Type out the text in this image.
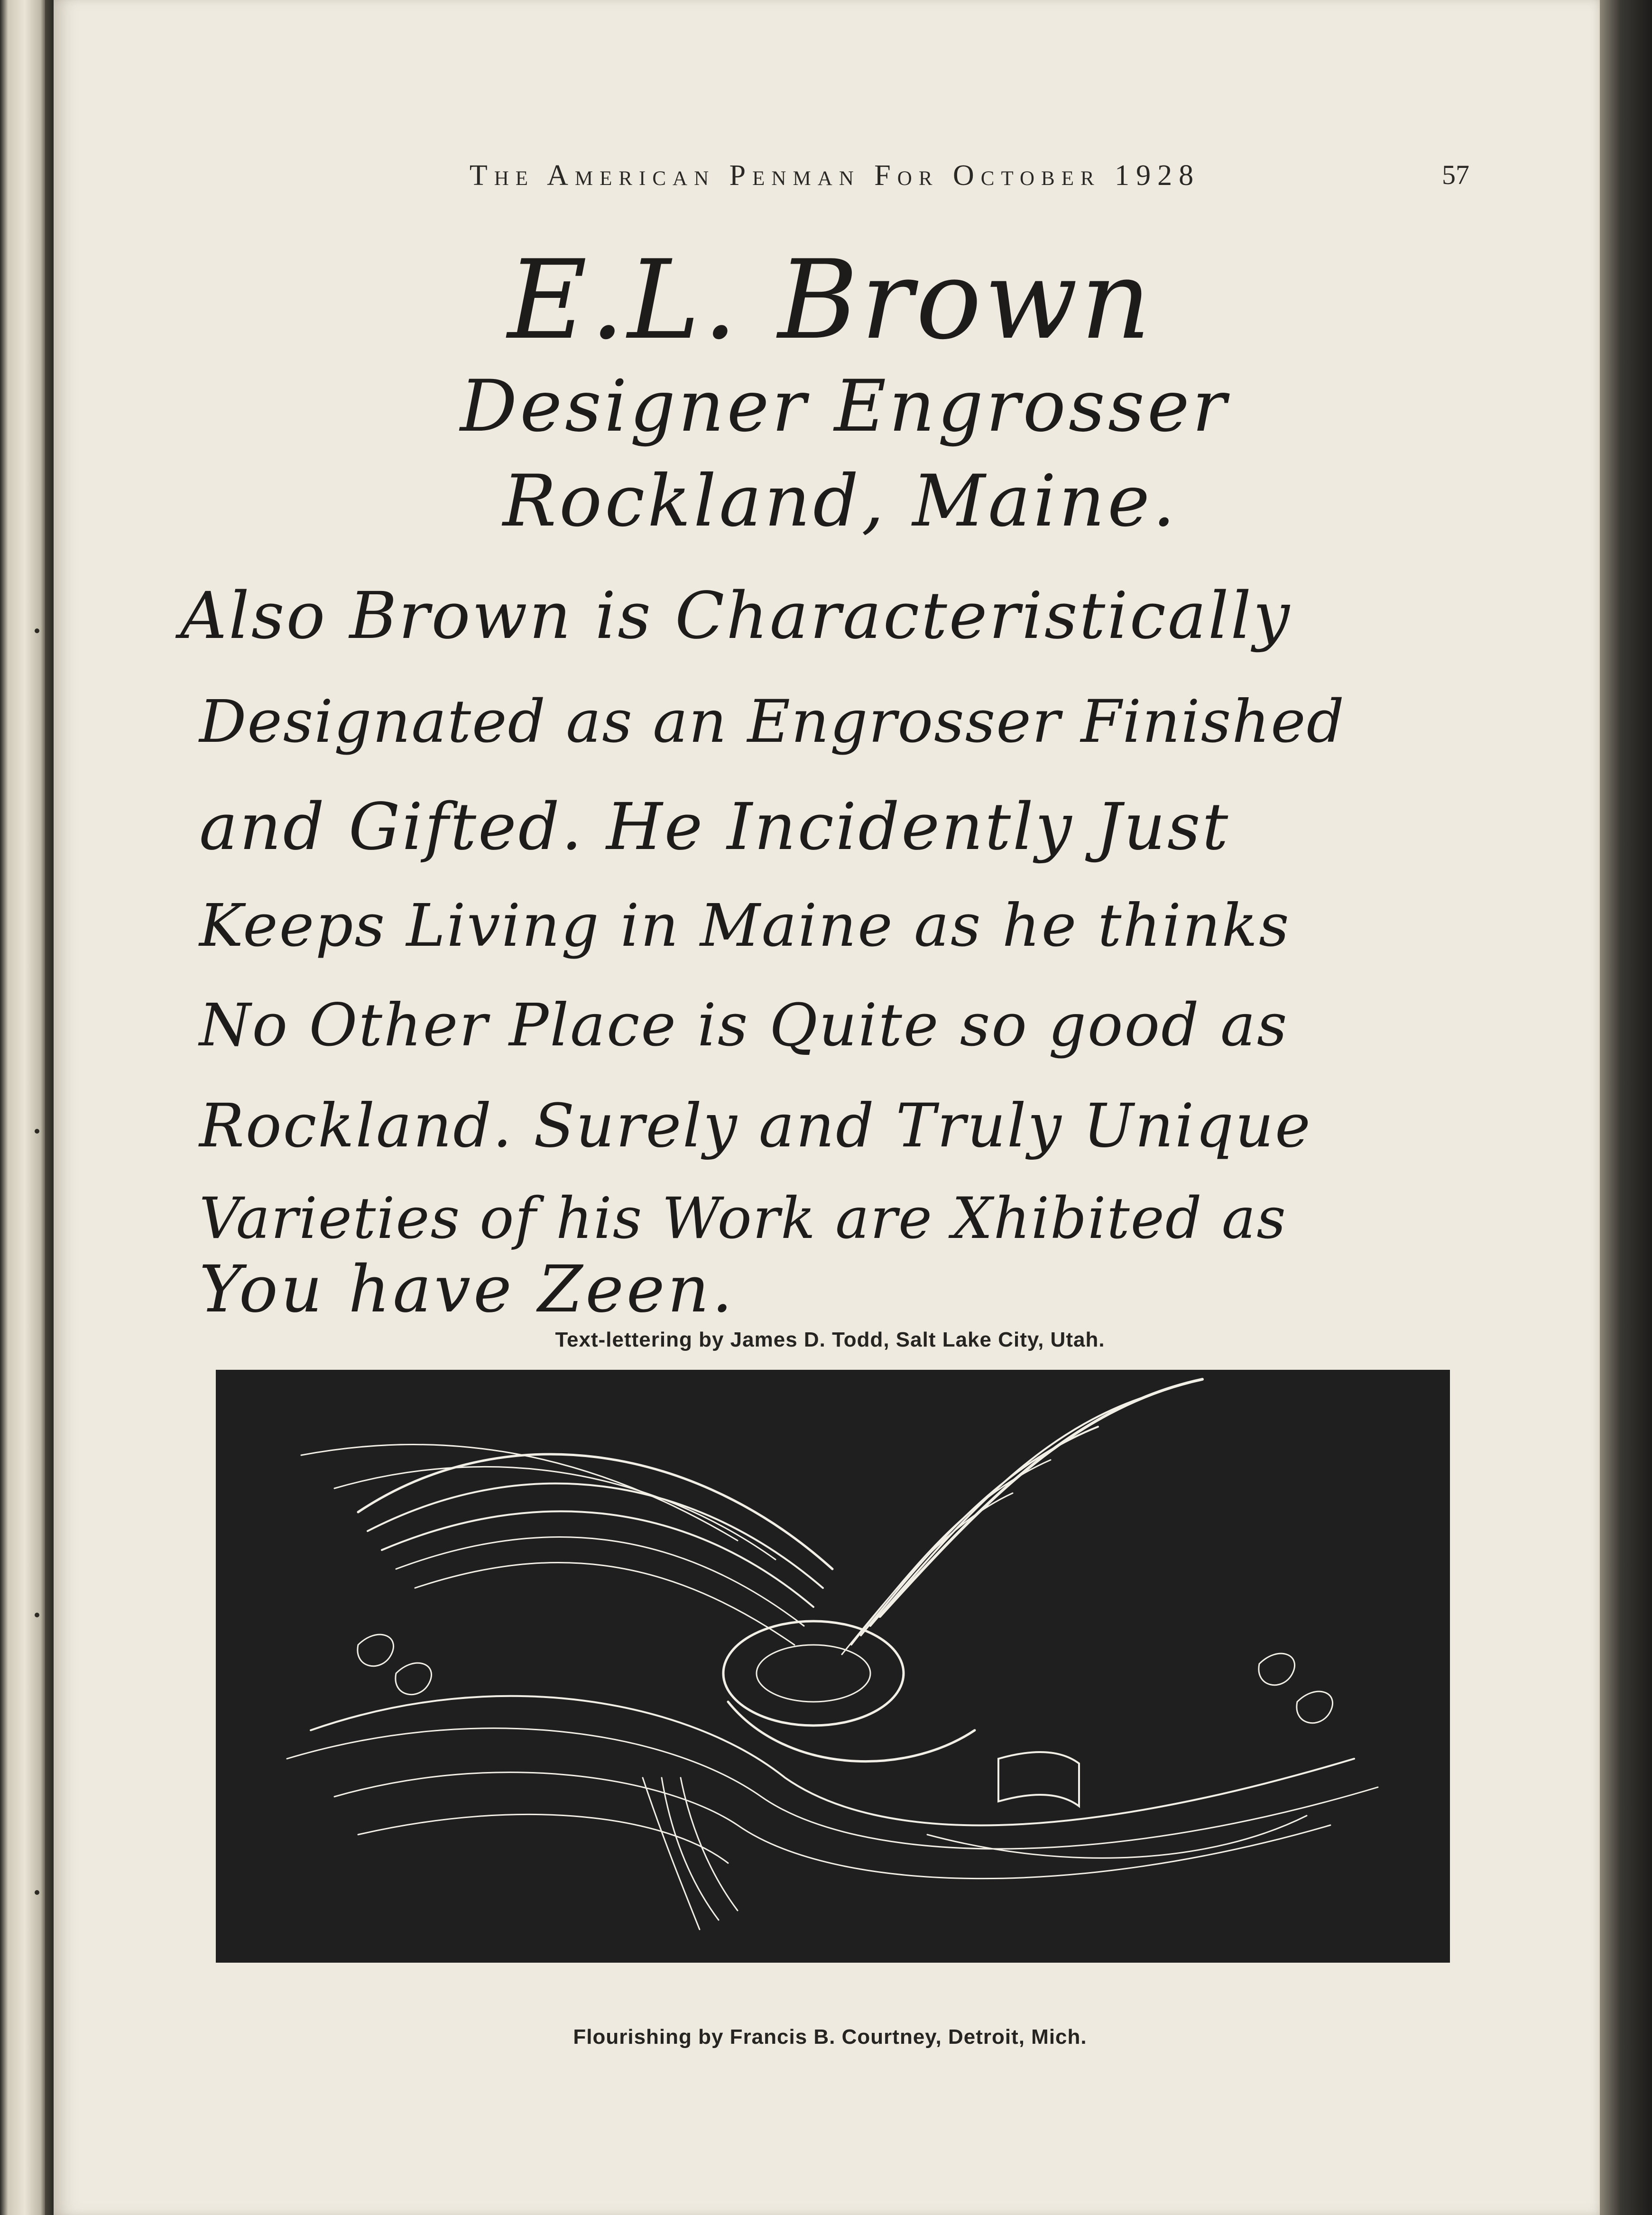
The American Penman For October 1928	57
E.L. Brown
Designer Engrosser
Rockland, Maine.
Also Brown is Characteristically
Designated as an Engrosser Finished
and Gifted. He Incidently Just
Keeps Living in Maine as he thinks
No Other Place is Quite so good as
Rockland. Surely and Truly Unique
Varieties of his Work are Xhibited as
You have Zeen.
Text-lettering by James D. Todd, Salt Lake City, Utah.
Flourishing by Francis B. Courtney, Detroit, Mich.
